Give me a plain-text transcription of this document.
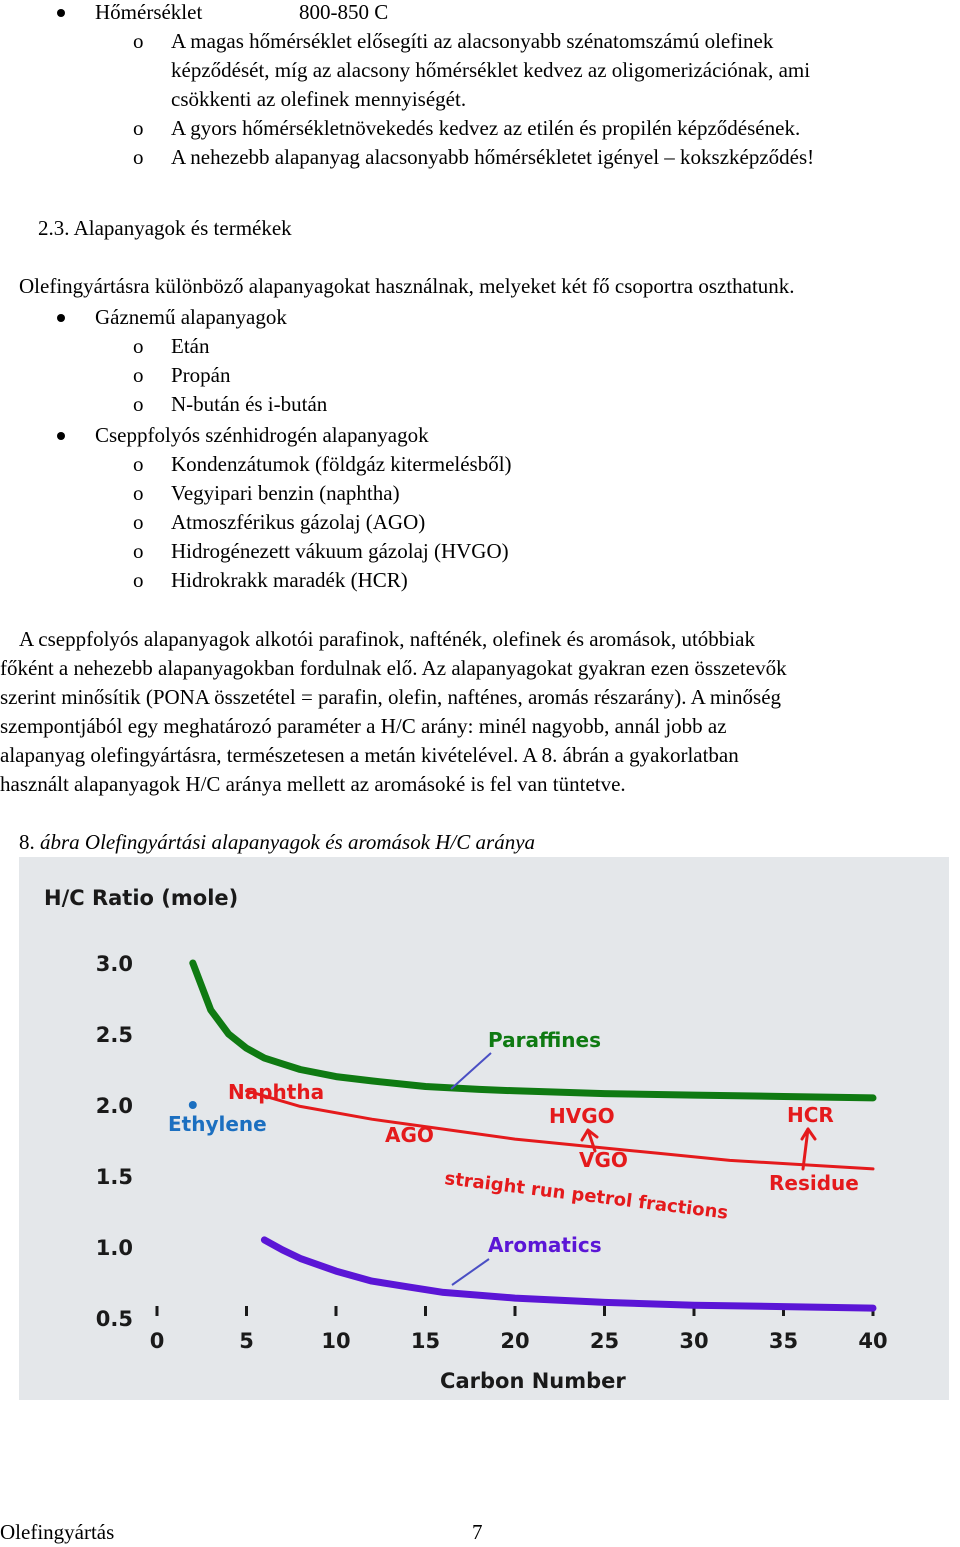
Hőmérséklet	800-850 C
o A magas hőmérséklet elősegíti az alacsonyabb szénatomszámú olefinek
képződését, míg az alacsony hőmérséklet kedvez az oligomerizációnak, ami
csökkenti az olefinek mennyiségét.
o A gyors hőmérsékletnövekedés kedvez az etilén és propilén képződésének.
o A nehezebb alapanyag alacsonyabb hőmérsékletet igényel – kokszképződés!
2.3. Alapanyagok és termékek
Olefingyártásra különböző alapanyagokat használnak, melyeket két fő csoportra oszthatunk.
Gáznemű alapanyagok
o Etán
o Propán
o N-bután és i-bután
Cseppfolyós szénhidrogén alapanyagok
o Kondenzátumok (földgáz kitermelésből)
o Vegyipari benzin (naphtha)
o Atmoszférikus gázolaj (AGO)
o Hidrogénezett vákuum gázolaj (HVGO)
o Hidrokrakk maradék (HCR)
A cseppfolyós alapanyagok alkotói parafinok, nafténék, olefinek és aromások, utóbbiak
főként a nehezebb alapanyagokban fordulnak elő. Az alapanyagokat gyakran ezen összetevők
szerint minősítik (PONA összetétel = parafin, olefin, nafténes, aromás részarány). A minőség
szempontjából egy meghatározó paraméter a H/C arány: minél nagyobb, annál jobb az
alapanyag olefingyártásra, természetesen a metán kivételével. A 8. ábrán a gyakorlatban
használt alapanyagok H/C aránya mellett az aromásoké is fel van tüntetve.
8. ábra Olefingyártási alapanyagok és aromások H/C aránya
H/C Ratio (mole)
3.0
2.5
2.0
1.5
1.0
0.5
0	5	10	15	20	25	30	35	40
Carbon Number
Paraffines
Naphtha
Ethylene	AGO
HVGO
VGO
HCR
Residue
straight run petrol fractions
Aromatics
Olefingyártás	7
